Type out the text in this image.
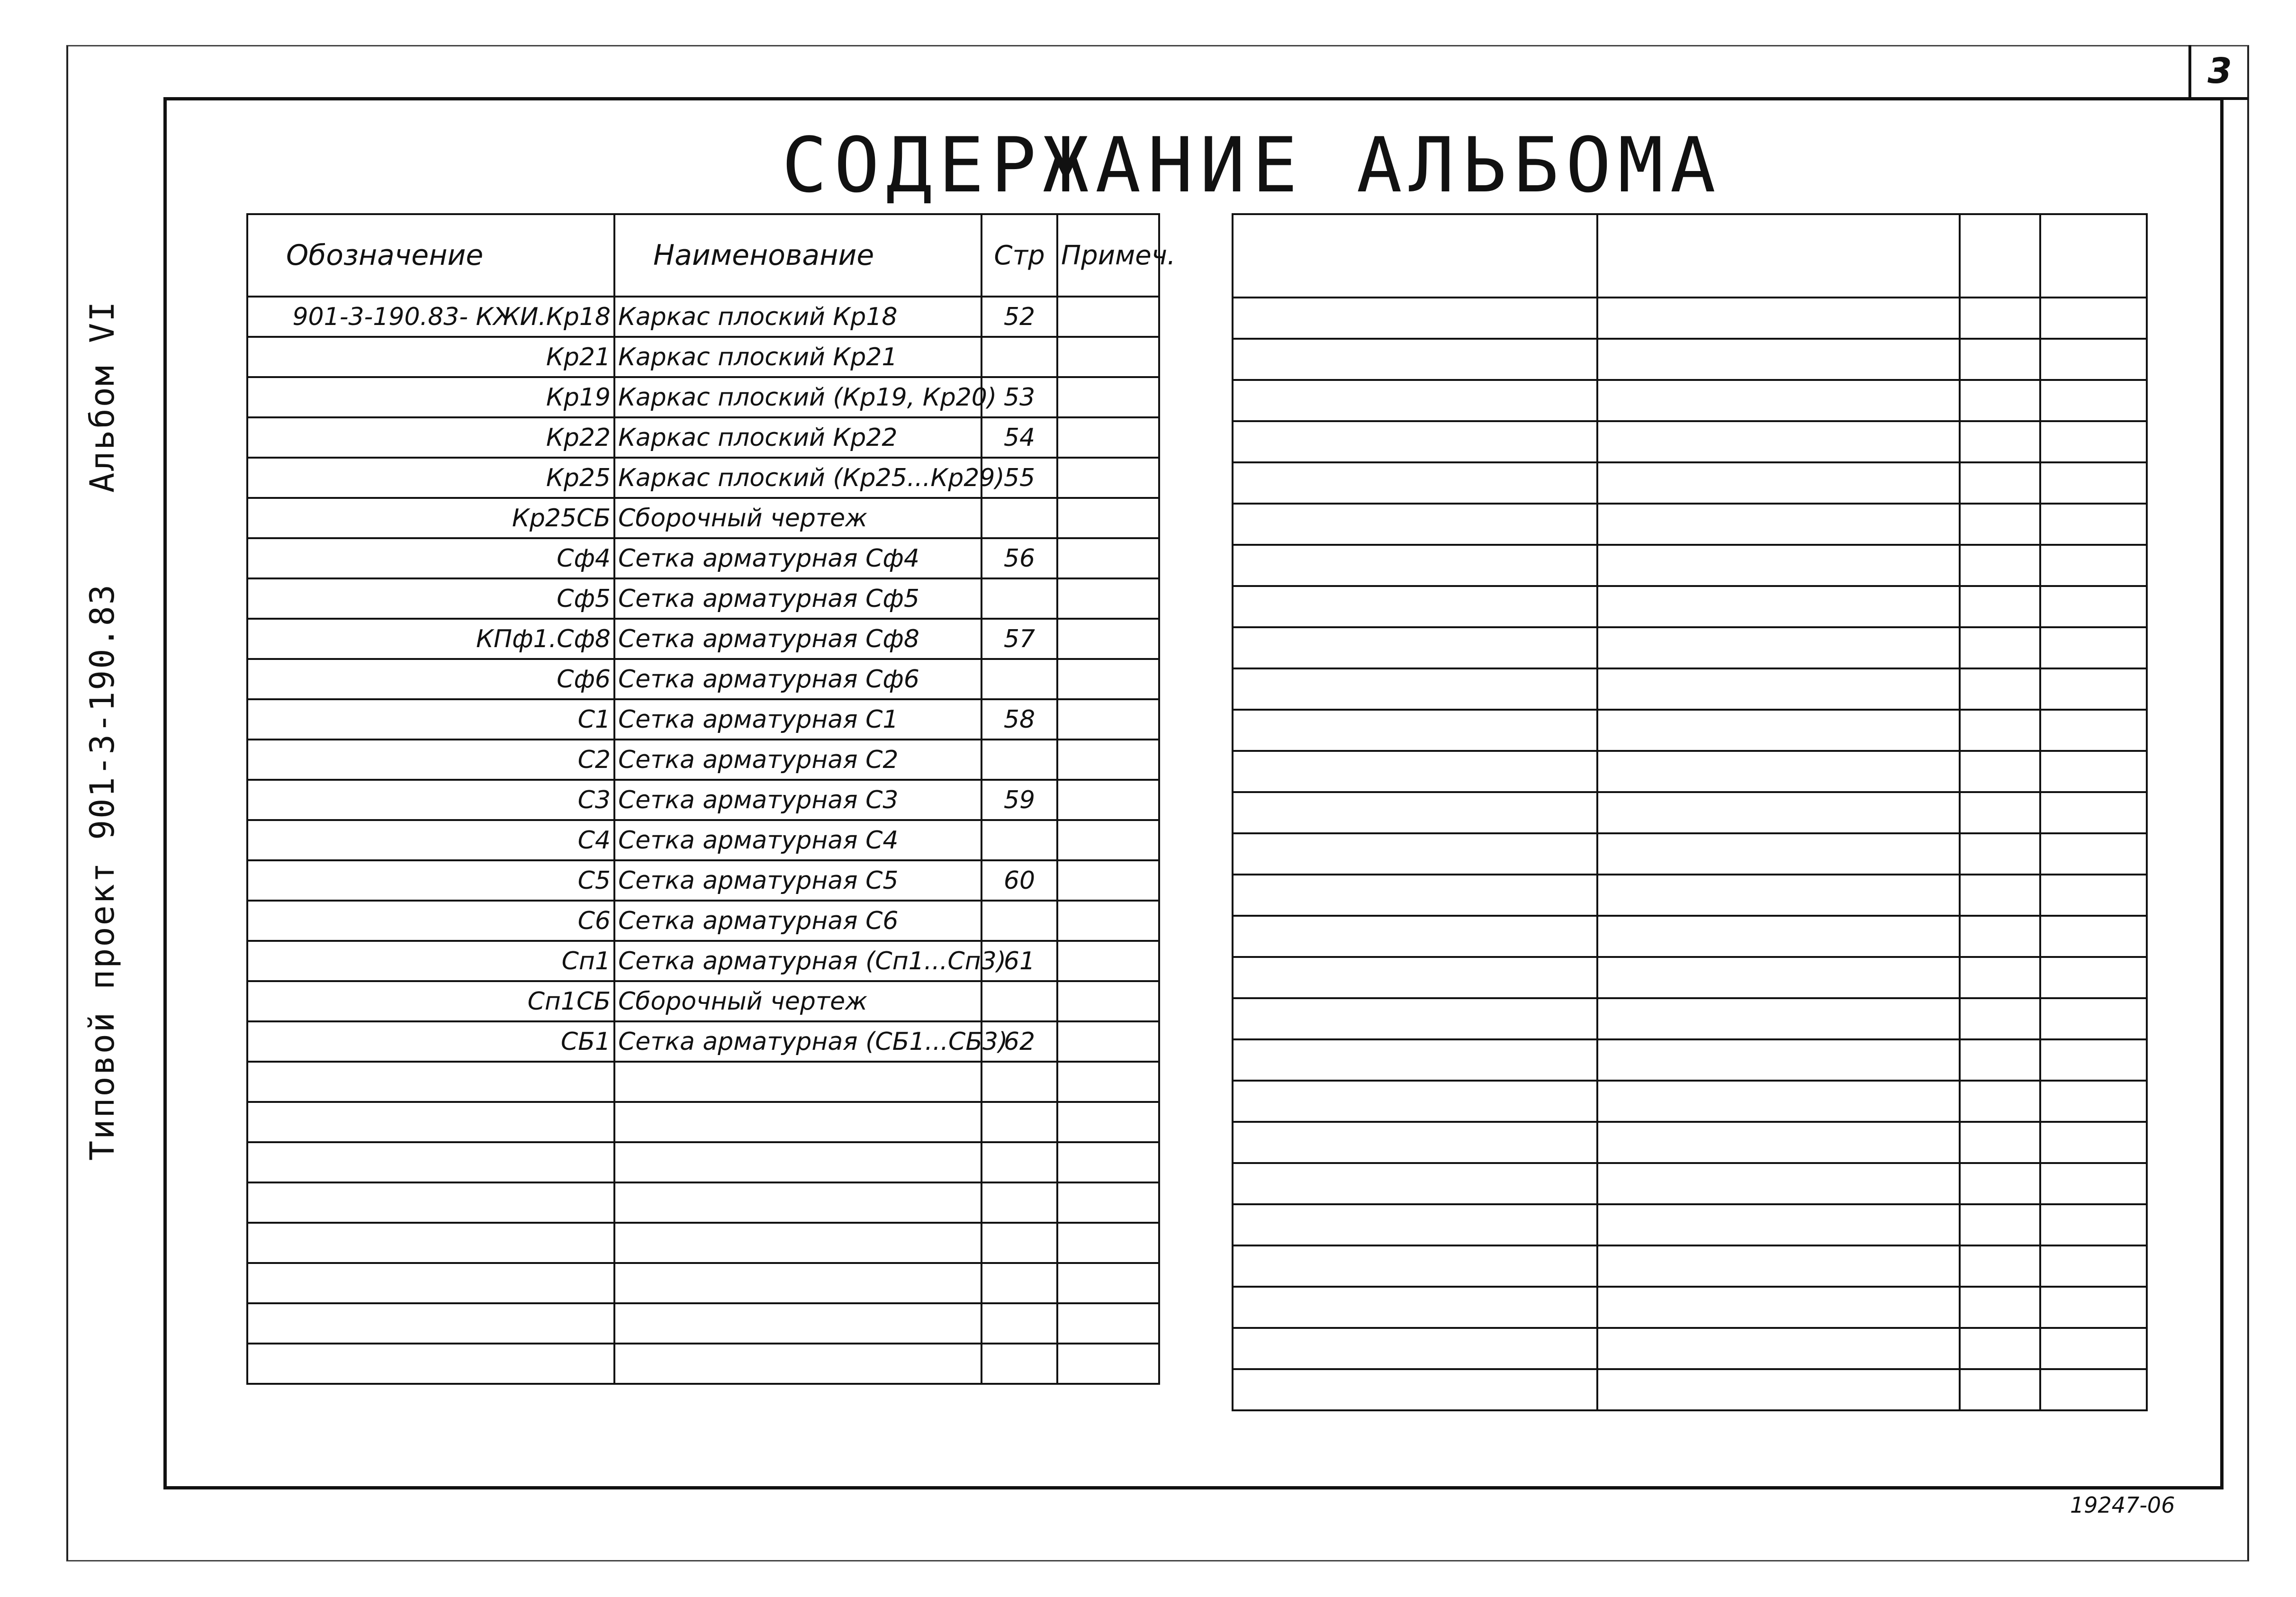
3
Типовой проект 901-3-190.83
Альбом VI
СОДЕРЖАНИЕ АЛЬБОМА
Обозначение	Наименование	Стр	Примеч.
901-3-190.83- КЖИ.Кр18	Каркас плоский Кр18	52	
Кр21	Каркас плоский Кр21		
Кр19	Каркас плоский (Кр19, Кр20)	53	
Кр22	Каркас плоский Кр22	54	
Кр25	Каркас плоский (Кр25...Кр29)	55	
Кр25СБ	Сборочный чертеж		
Сф4	Сетка арматурная Сф4	56	
Сф5	Сетка арматурная Сф5		
КПф1.Сф8	Сетка арматурная Сф8	57	
Сф6	Сетка арматурная Сф6		
С1	Сетка арматурная С1	58	
С2	Сетка арматурная С2		
С3	Сетка арматурная С3	59	
С4	Сетка арматурная С4		
С5	Сетка арматурная С5	60	
С6	Сетка арматурная С6		
Сп1	Сетка арматурная (Сп1...Сп3)	61	
Сп1СБ	Сборочный чертеж		
СБ1	Сетка арматурная (СБ1...СБ3)	62	

19247-06
